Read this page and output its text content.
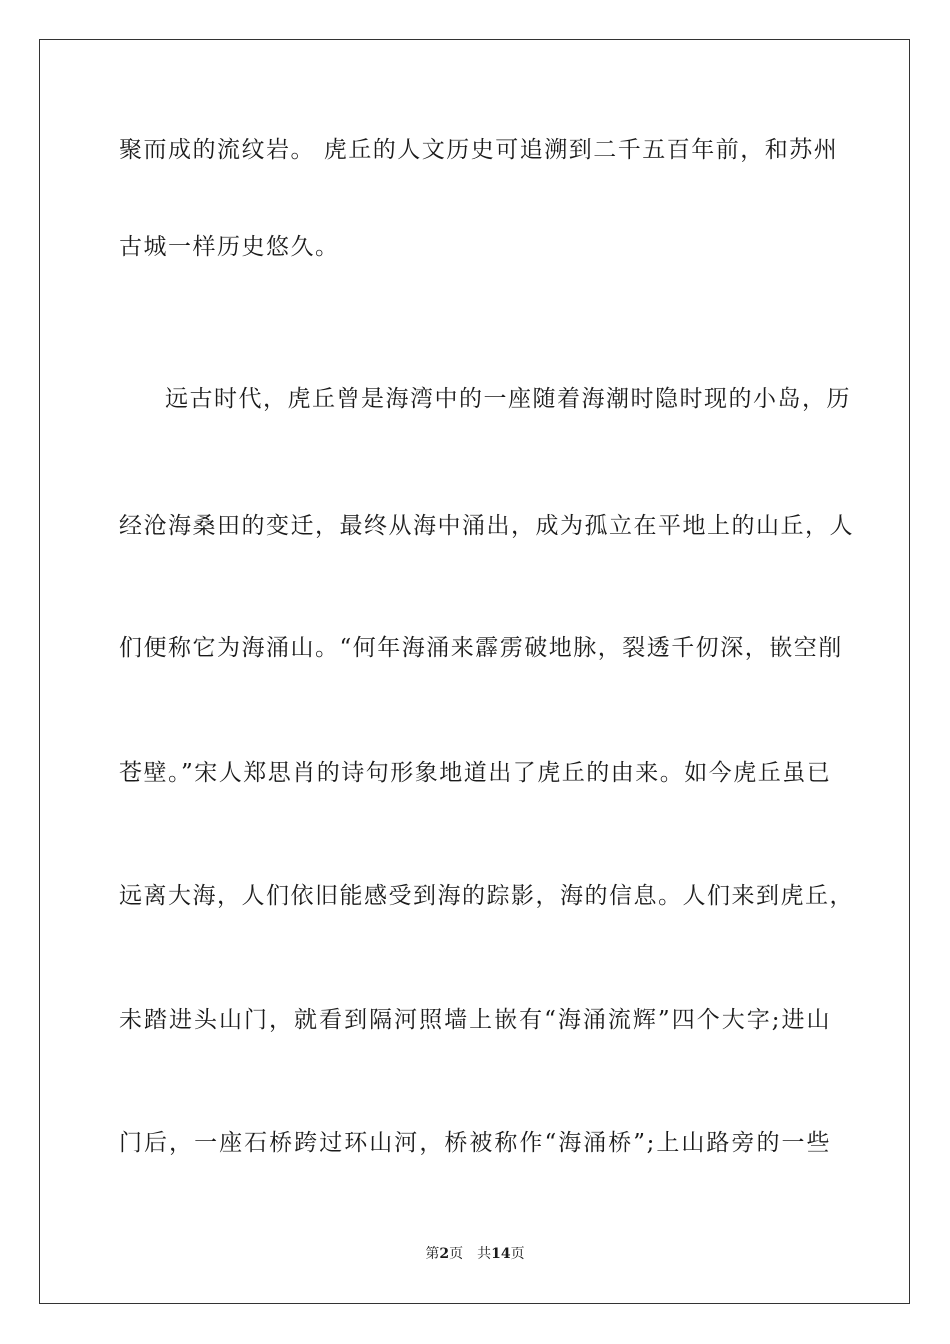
聚而成的流纹岩。 虎丘的人文历史可追溯到二千五百年前，和苏州
古城一样历史悠久。
远古时代，虎丘曾是海湾中的一座随着海潮时隐时现的小岛，历
经沧海桑田的变迁，最终从海中涌出，成为孤立在平地上的山丘，人
们便称它为海涌山。“何年海涌来霹雳破地脉，裂透千仞深，嵌空削
苍壁。”宋人郑思肖的诗句形象地道出了虎丘的由来。如今虎丘虽已
远离大海，人们依旧能感受到海的踪影，海的信息。人们来到虎丘，
未踏进头山门，就看到隔河照墙上嵌有“海涌流辉”四个大字;进山
门后，一座石桥跨过环山河，桥被称作“海涌桥”;上山路旁的一些
第2页 共14页
